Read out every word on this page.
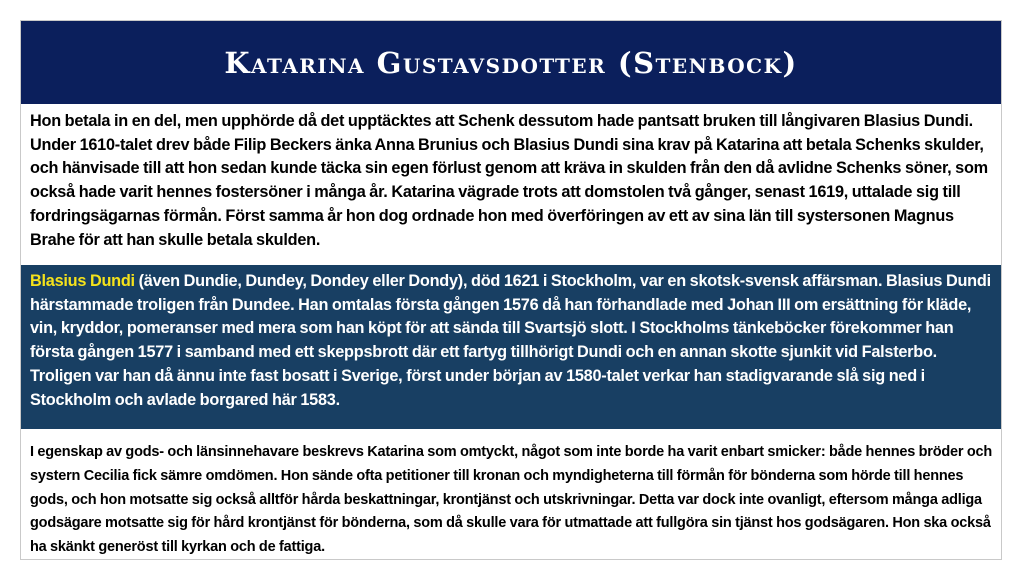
Katarina Gustavsdotter (Stenbock)
Hon betala in en del, men upphörde då det upptäcktes att Schenk dessutom hade pantsatt bruken till långivaren Blasius Dundi. Under 1610-talet drev både Filip Beckers änka Anna Brunius och Blasius Dundi sina krav på Katarina att betala Schenks skulder, och hänvisade till att hon sedan kunde täcka sin egen förlust genom att kräva in skulden från den då avlidne Schenks söner, som också hade varit hennes fostersöner i många år. Katarina vägrade trots att domstolen två gånger, senast 1619, uttalade sig till fordringsägarnas förmån. Först samma år hon dog ordnade hon med överföringen av ett av sina län till systersonen Magnus Brahe för att han skulle betala skulden.
Blasius Dundi (även Dundie, Dundey, Dondey eller Dondy), död 1621 i Stockholm, var en skotsk-svensk affärsman. Blasius Dundi härstammade troligen från Dundee. Han omtalas första gången 1576 då han förhandlade med Johan III om ersättning för kläde, vin, kryddor, pomeranser med mera som han köpt för att sända till Svartsjö slott. I Stockholms tänkeböcker förekommer han första gången 1577 i samband med ett skeppsbrott där ett fartyg tillhörigt Dundi och en annan skotte sjunkit vid Falsterbo. Troligen var han då ännu inte fast bosatt i Sverige, först under början av 1580-talet verkar han stadigvarande slå sig ned i Stockholm och avlade borgared här 1583.
I egenskap av gods- och länsinnehavare beskrevs Katarina som omtyckt, något som inte borde ha varit enbart smicker: både hennes bröder och systern Cecilia fick sämre omdömen. Hon sände ofta petitioner till kronan och myndigheterna till förmån för bönderna som hörde till hennes gods, och hon motsatte sig också alltför hårda beskattningar, krontjänst och utskrivningar. Detta var dock inte ovanligt, eftersom många adliga godsägare motsatte sig för hård krontjänst för bönderna, som då skulle vara för utmattade att fullgöra sin tjänst hos godsägaren. Hon ska också ha skänkt generöst till kyrkan och de fattiga.
